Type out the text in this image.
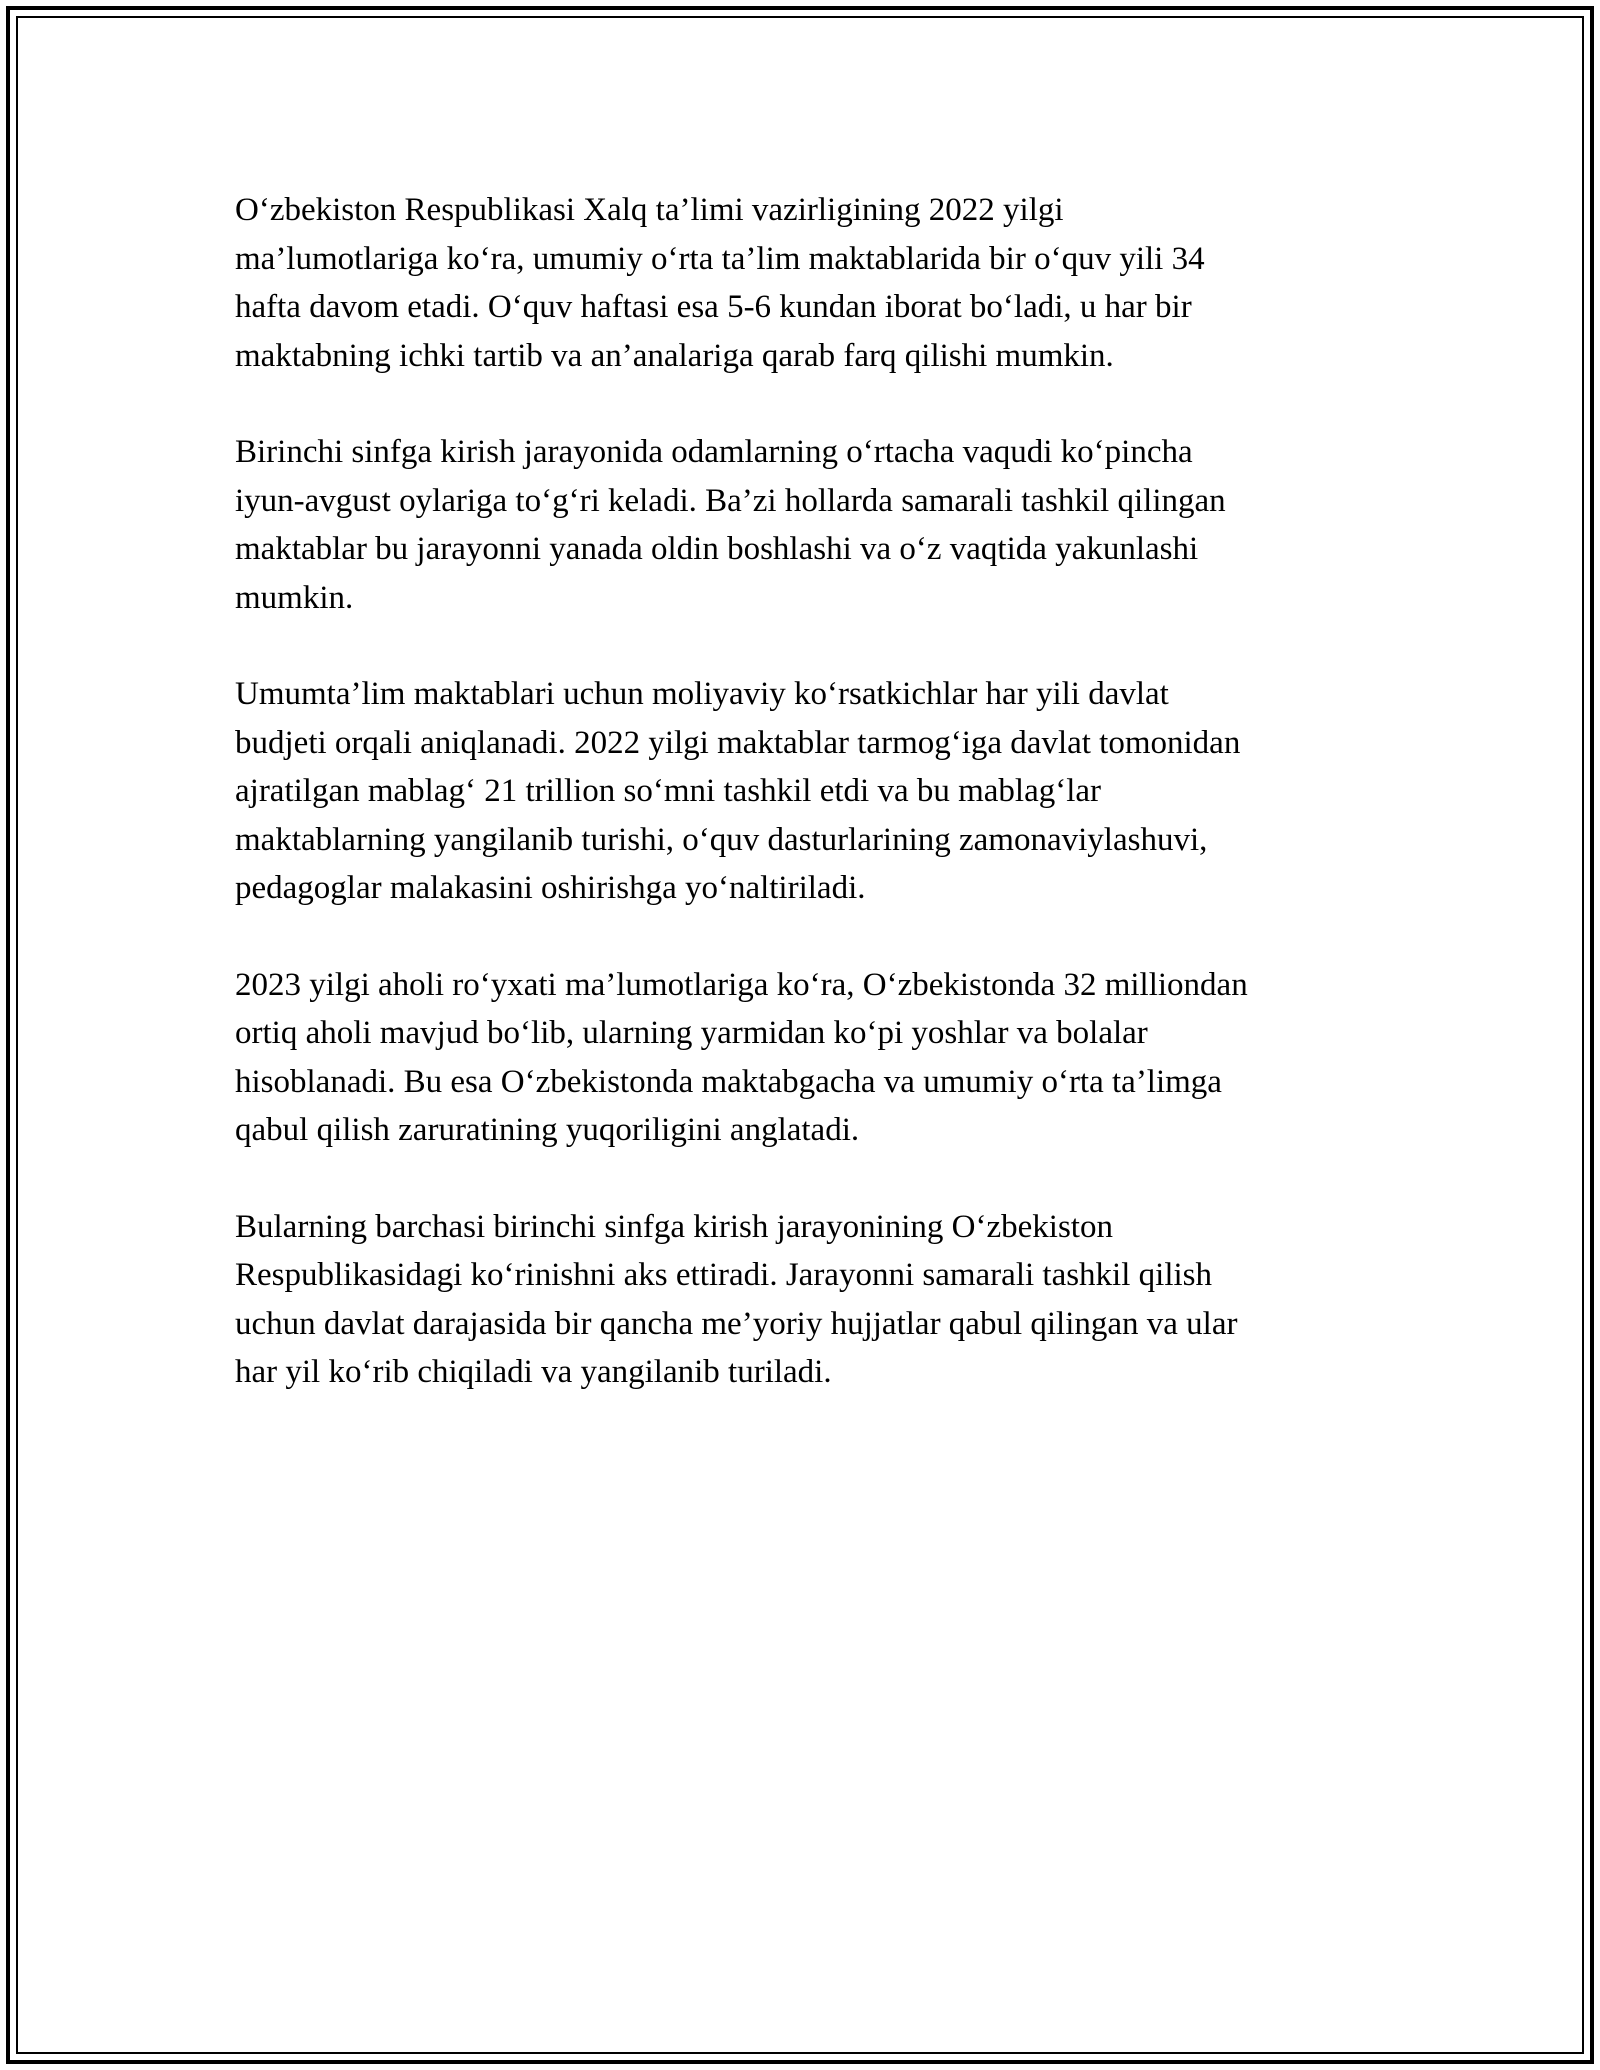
O‘zbekiston Respublikasi Xalq ta’limi vazirligining 2022 yilgi
ma’lumotlariga ko‘ra, umumiy o‘rta ta’lim maktablarida bir o‘quv yili 34
hafta davom etadi. O‘quv haftasi esa 5-6 kundan iborat bo‘ladi, u har bir
maktabning ichki tartib va an’analariga qarab farq qilishi mumkin.

Birinchi sinfga kirish jarayonida odamlarning o‘rtacha vaqudi ko‘pincha
iyun-avgust oylariga to‘g‘ri keladi. Ba’zi hollarda samarali tashkil qilingan
maktablar bu jarayonni yanada oldin boshlashi va o‘z vaqtida yakunlashi
mumkin.

Umumta’lim maktablari uchun moliyaviy ko‘rsatkichlar har yili davlat
budjeti orqali aniqlanadi. 2022 yilgi maktablar tarmog‘iga davlat tomonidan
ajratilgan mablag‘ 21 trillion so‘mni tashkil etdi va bu mablag‘lar
maktablarning yangilanib turishi, o‘quv dasturlarining zamonaviylashuvi,
pedagoglar malakasini oshirishga yo‘naltiriladi.

2023 yilgi aholi ro‘yxati ma’lumotlariga ko‘ra, O‘zbekistonda 32 milliondan
ortiq aholi mavjud bo‘lib, ularning yarmidan ko‘pi yoshlar va bolalar
hisoblanadi. Bu esa O‘zbekistonda maktabgacha va umumiy o‘rta ta’limga
qabul qilish zaruratining yuqoriligini anglatadi.

Bularning barchasi birinchi sinfga kirish jarayonining O‘zbekiston
Respublikasidagi ko‘rinishni aks ettiradi. Jarayonni samarali tashkil qilish
uchun davlat darajasida bir qancha me’yoriy hujjatlar qabul qilingan va ular
har yil ko‘rib chiqiladi va yangilanib turiladi.
